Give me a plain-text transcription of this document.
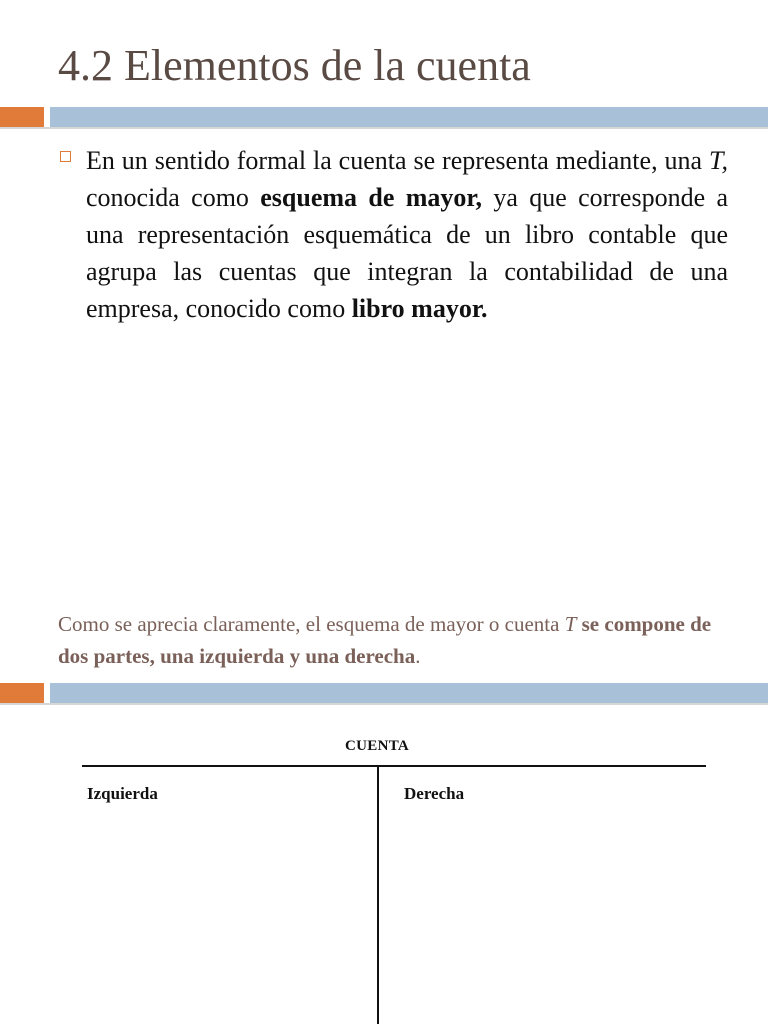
4.2 Elementos de la cuenta
En un sentido formal la cuenta se representa mediante, una T, conocida como esquema de mayor, ya que corresponde a una representación esquemática de un libro contable que agrupa las cuentas que integran la contabilidad de una empresa, conocido como libro mayor.
Como se aprecia claramente, el esquema de mayor o cuenta T se compone de dos partes, una izquierda y una derecha.
CUENTA
Izquierda	Derecha
